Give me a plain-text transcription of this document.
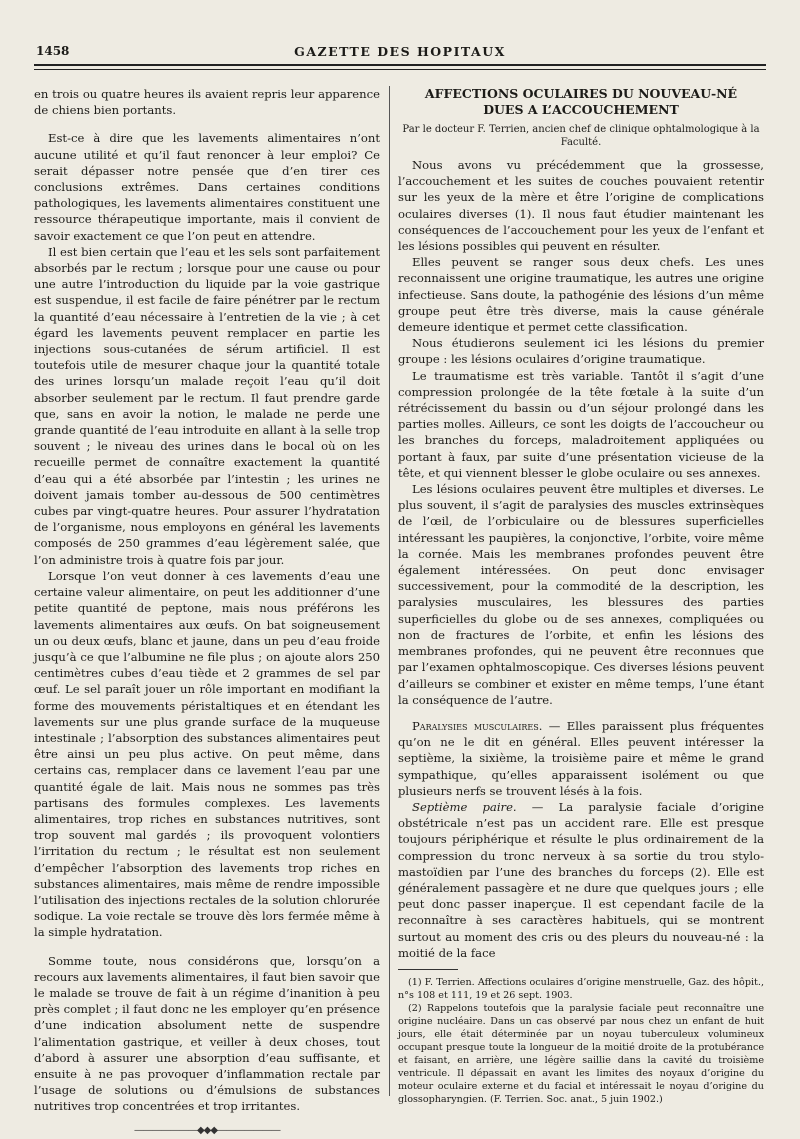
1458	GAZETTE DES HOPITAUX

en trois ou quatre heures ils avaient repris leur apparence de chiens bien portants.

Est-ce à dire que les lavements alimentaires n’ont aucune utilité et qu’il faut renoncer à leur emploi? Ce serait dépasser notre pensée que d’en tirer ces conclusions extrêmes. Dans certaines conditions pathologiques, les lavements alimentaires constituent une ressource thérapeutique importante, mais il convient de savoir exactement ce que l’on peut en attendre.

Il est bien certain que l’eau et les sels sont parfaitement absorbés par le rectum ; lorsque pour une cause ou pour une autre l’introduction du liquide par la voie gastrique est suspendue, il est facile de faire pénétrer par le rectum la quantité d’eau nécessaire à l’entretien de la vie ; à cet égard les lavements peuvent remplacer en partie les injections sous-cutanées de sérum artificiel. Il est toutefois utile de mesurer chaque jour la quantité totale des urines lorsqu’un malade reçoit l’eau qu’il doit absorber seulement par le rectum. Il faut prendre garde que, sans en avoir la notion, le malade ne perde une grande quantité de l’eau introduite en allant à la selle trop souvent ; le niveau des urines dans le bocal où on les recueille permet de connaître exactement la quantité d’eau qui a été absorbée par l’intestin ; les urines ne doivent jamais tomber au-dessous de 500 centimètres cubes par vingt-quatre heures. Pour assurer l’hydratation de l’organisme, nous employons en général les lavements composés de 250 grammes d’eau légèrement salée, que l’on administre trois à quatre fois par jour.

Lorsque l’on veut donner à ces lavements d’eau une certaine valeur alimentaire, on peut les additionner d’une petite quantité de peptone, mais nous préférons les lavements alimentaires aux œufs. On bat soigneusement un ou deux œufs, blanc et jaune, dans un peu d’eau froide jusqu’à ce que l’albumine ne file plus ; on ajoute alors 250 centimètres cubes d’eau tiède et 2 grammes de sel par œuf. Le sel paraît jouer un rôle important en modifiant la forme des mouvements péristaltiques et en étendant les lavements sur une plus grande surface de la muqueuse intestinale ; l’absorption des substances alimentaires peut être ainsi un peu plus active. On peut même, dans certains cas, remplacer dans ce lavement l’eau par une quantité égale de lait. Mais nous ne sommes pas très partisans des formules complexes. Les lavements alimentaires, trop riches en substances nutritives, sont trop souvent mal gardés ; ils provoquent volontiers l’irritation du rectum ; le résultat est non seulement d’empêcher l’absorption des lavements trop riches en substances alimentaires, mais même de rendre impossible l’utilisation des injections rectales de la solution chlorurée sodique. La voie rectale se trouve dès lors fermée même à la simple hydratation.

Somme toute, nous considérons que, lorsqu’on a recours aux lavements alimentaires, il faut bien savoir que le malade se trouve de fait à un régime d’inanition à peu près complet ; il faut donc ne les employer qu’en présence d’une indication absolument nette de suspendre l’alimentation gastrique, et veiller à deux choses, tout d’abord à assurer une absorption d’eau suffisante, et ensuite à ne pas provoquer d’inflammation rectale par l’usage de solutions ou d’émulsions de substances nutritives trop concentrées et trop irritantes.

———————◆◆◆———————
AFFECTIONS OCULAIRES DU NOUVEAU-NÉ
DUES A L’ACCOUCHEMENT
Par le docteur F. Terrien, ancien chef de clinique ophtalmologique à la Faculté.

Nous avons vu précédemment que la grossesse, l’accouchement et les suites de couches pouvaient retentir sur les yeux de la mère et être l’origine de complications oculaires diverses (1). Il nous faut étudier maintenant les conséquences de l’accouchement pour les yeux de l’enfant et les lésions possibles qui peuvent en résulter.

Elles peuvent se ranger sous deux chefs. Les unes reconnaissent une origine traumatique, les autres une origine infectieuse. Sans doute, la pathogénie des lésions d’un même groupe peut être très diverse, mais la cause générale demeure identique et permet cette classification.

Nous étudierons seulement ici les lésions du premier groupe : les lésions oculaires d’origine traumatique.

Le traumatisme est très variable. Tantôt il s’agit d’une compression prolongée de la tête fœtale à la suite d’un rétrécissement du bassin ou d’un séjour prolongé dans les parties molles. Ailleurs, ce sont les doigts de l’accoucheur ou les branches du forceps, maladroitement appliquées ou portant à faux, par suite d’une présentation vicieuse de la tête, et qui viennent blesser le globe oculaire ou ses annexes.

Les lésions oculaires peuvent être multiples et diverses. Le plus souvent, il s’agit de paralysies des muscles extrinsèques de l’œil, de l’orbiculaire ou de blessures superficielles intéressant les paupières, la conjonctive, l’orbite, voire même la cornée. Mais les membranes profondes peuvent être également intéressées. On peut donc envisager successivement, pour la commodité de la description, les paralysies musculaires, les blessures des parties superficielles du globe ou de ses annexes, compliquées ou non de fractures de l’orbite, et enfin les lésions des membranes profondes, qui ne peuvent être reconnues que par l’examen ophtalmoscopique. Ces diverses lésions peuvent d’ailleurs se combiner et exister en même temps, l’une étant la conséquence de l’autre.

Paralysies musculaires. — Elles paraissent plus fréquentes qu’on ne le dit en général. Elles peuvent intéresser la septième, la sixième, la troisième paire et même le grand sympathique, qu’elles apparaissent isolément ou que plusieurs nerfs se trouvent lésés à la fois.

Septième paire. — La paralysie faciale d’origine obstétricale n’est pas un accident rare. Elle est presque toujours périphérique et résulte le plus ordinairement de la compression du tronc nerveux à sa sortie du trou stylo-mastoïdien par l’une des branches du forceps (2). Elle est généralement passagère et ne dure que quelques jours ; elle peut donc passer inaperçue. Il est cependant facile de la reconnaître à ses caractères habituels, qui se montrent surtout au moment des cris ou des pleurs du nouveau-né : la moitié de la face

(1) F. Terrien. Affections oculaires d’origine menstruelle, Gaz. des hôpit., n°s 108 et 111, 19 et 26 sept. 1903.

(2) Rappelons toutefois que la paralysie faciale peut reconnaître une origine nucléaire. Dans un cas observé par nous chez un enfant de huit jours, elle était déterminée par un noyau tuberculeux volumineux occupant presque toute la longueur de la moitié droite de la protubérance et faisant, en arrière, une légère saillie dans la cavité du troisième ventricule. Il dépassait en avant les limites des noyaux d’origine du moteur oculaire externe et du facial et intéressait le noyau d’origine du glossopharyngien. (F. Terrien. Soc. anat., 5 juin 1902.)
